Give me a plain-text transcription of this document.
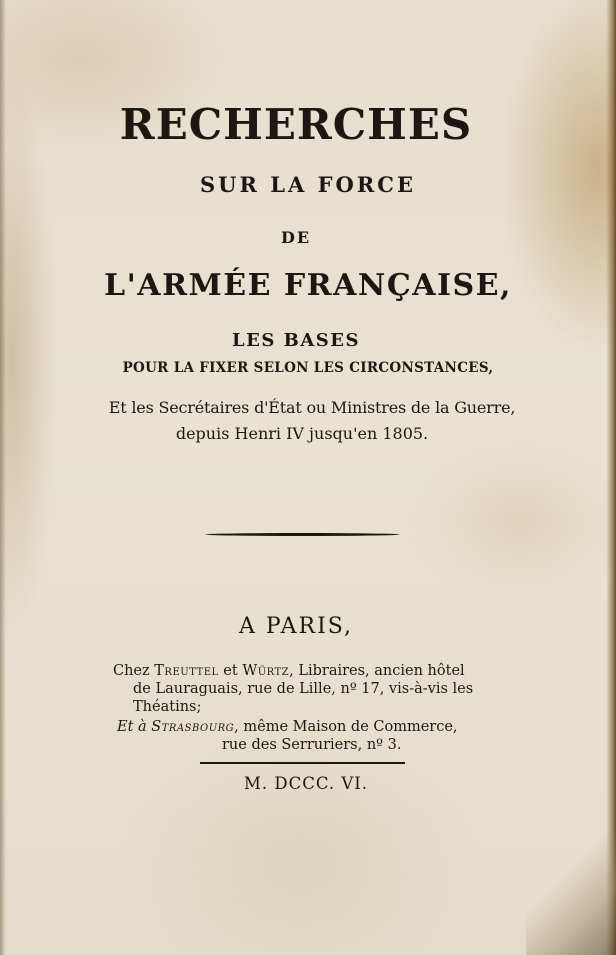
RECHERCHES
SUR LA FORCE
DE
L'ARMÉE FRANÇAISE,
LES BASES
POUR LA FIXER SELON LES CIRCONSTANCES,
Et les Secrétaires d'État ou Ministres de la Guerre,
depuis Henri IV jusqu'en 1805.
A PARIS,
Chez Treuttel et Würtz, Libraires, ancien hôtel
de Lauraguais, rue de Lille, nº 17, vis-à-vis les
Théatins;
Et à Strasbourg, même Maison de Commerce,
rue des Serruriers, nº 3.
M. DCCC. VI.
